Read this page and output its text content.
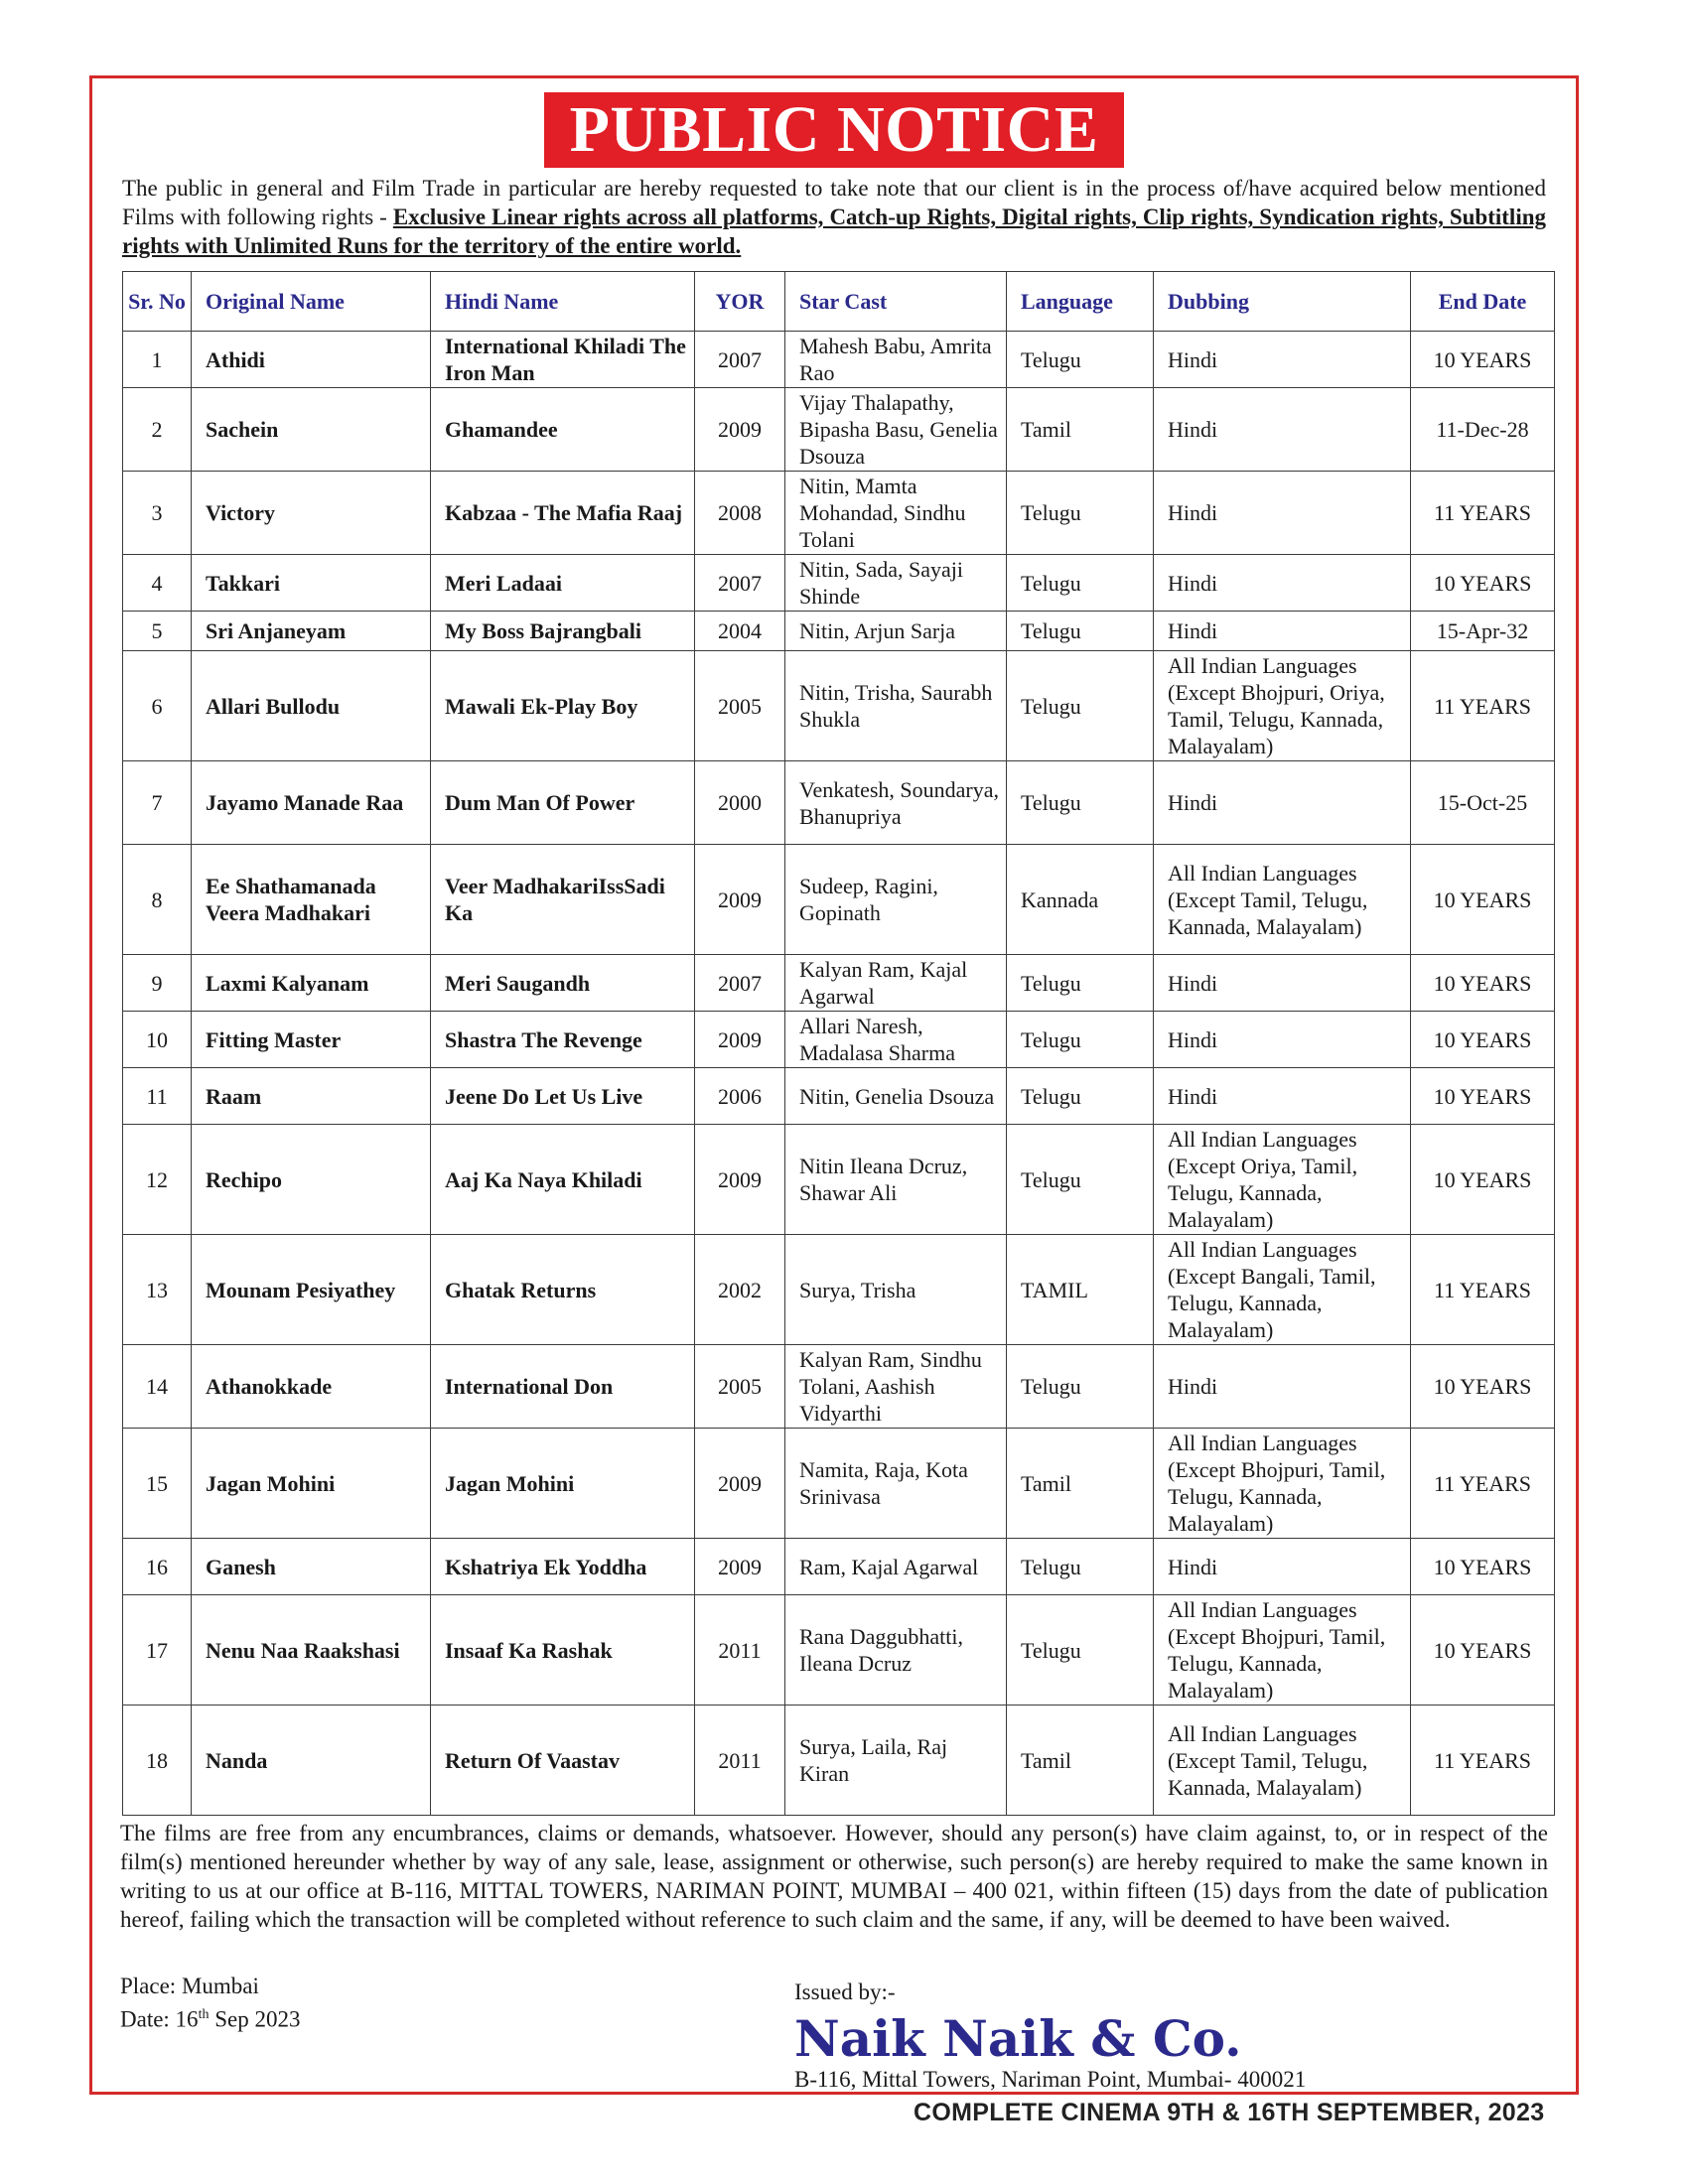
PUBLIC NOTICE
The public in general and Film Trade in particular are hereby requested to take note that our client is in the process of/have acquired below mentioned Films with following rights - Exclusive Linear rights across all platforms, Catch-up Rights, Digital rights, Clip rights, Syndication rights, Subtitling rights with Unlimited Runs for the territory of the entire world.
Sr. No	Original Name	Hindi Name	YOR	Star Cast	Language	Dubbing	End Date
1	Athidi	International Khiladi The Iron Man	2007	Mahesh Babu, Amrita Rao	Telugu	Hindi	10 YEARS
2	Sachein	Ghamandee	2009	Vijay Thalapathy, Bipasha Basu, Genelia Dsouza	Tamil	Hindi	11-Dec-28
3	Victory	Kabzaa - The Mafia Raaj	2008	Nitin, Mamta Mohandad, Sindhu Tolani	Telugu	Hindi	11 YEARS
4	Takkari	Meri Ladaai	2007	Nitin, Sada, Sayaji Shinde	Telugu	Hindi	10 YEARS
5	Sri Anjaneyam	My Boss Bajrangbali	2004	Nitin, Arjun Sarja	Telugu	Hindi	15-Apr-32
6	Allari Bullodu	Mawali Ek-Play Boy	2005	Nitin, Trisha, Saurabh Shukla	Telugu	All Indian Languages (Except Bhojpuri, Oriya, Tamil, Telugu, Kannada, Malayalam)	11 YEARS
7	Jayamo Manade Raa	Dum Man Of Power	2000	Venkatesh, Soundarya, Bhanupriya	Telugu	Hindi	15-Oct-25
8	Ee Shathamanada Veera Madhakari	Veer MadhakariIssSadi Ka	2009	Sudeep, Ragini, Gopinath	Kannada	All Indian Languages (Except Tamil, Telugu, Kannada, Malayalam)	10 YEARS
9	Laxmi Kalyanam	Meri Saugandh	2007	Kalyan Ram, Kajal Agarwal	Telugu	Hindi	10 YEARS
10	Fitting Master	Shastra The Revenge	2009	Allari Naresh, Madalasa Sharma	Telugu	Hindi	10 YEARS
11	Raam	Jeene Do Let Us Live	2006	Nitin, Genelia Dsouza	Telugu	Hindi	10 YEARS
12	Rechipo	Aaj Ka Naya Khiladi	2009	Nitin Ileana Dcruz, Shawar Ali	Telugu	All Indian Languages (Except Oriya, Tamil, Telugu, Kannada, Malayalam)	10 YEARS
13	Mounam Pesiyathey	Ghatak Returns	2002	Surya, Trisha	TAMIL	All Indian Languages (Except Bangali, Tamil, Telugu, Kannada, Malayalam)	11 YEARS
14	Athanokkade	International Don	2005	Kalyan Ram, Sindhu Tolani, Aashish Vidyarthi	Telugu	Hindi	10 YEARS
15	Jagan Mohini	Jagan Mohini	2009	Namita, Raja, Kota Srinivasa	Tamil	All Indian Languages (Except Bhojpuri, Tamil, Telugu, Kannada, Malayalam)	11 YEARS
16	Ganesh	Kshatriya Ek Yoddha	2009	Ram, Kajal Agarwal	Telugu	Hindi	10 YEARS
17	Nenu Naa Raakshasi	Insaaf Ka Rashak	2011	Rana Daggubhatti, Ileana Dcruz	Telugu	All Indian Languages (Except Bhojpuri, Tamil, Telugu, Kannada, Malayalam)	10 YEARS
18	Nanda	Return Of Vaastav	2011	Surya, Laila, Raj Kiran	Tamil	All Indian Languages (Except Tamil, Telugu, Kannada, Malayalam)	11 YEARS
The films are free from any encumbrances, claims or demands, whatsoever. However, should any person(s) have claim against, to, or in respect of the film(s) mentioned hereunder whether by way of any sale, lease, assignment or otherwise, such person(s) are hereby required to make the same known in writing to us at our office at B-116, MITTAL TOWERS, NARIMAN POINT, MUMBAI – 400 021, within fifteen (15) days from the date of publication hereof, failing which the transaction will be completed without reference to such claim and the same, if any, will be deemed to have been waived.
Place: Mumbai
Date: 16th Sep 2023
Issued by:-
Naik Naik & Co.
B-116, Mittal Towers, Nariman Point, Mumbai- 400021
COMPLETE CINEMA 9TH & 16TH SEPTEMBER, 2023
